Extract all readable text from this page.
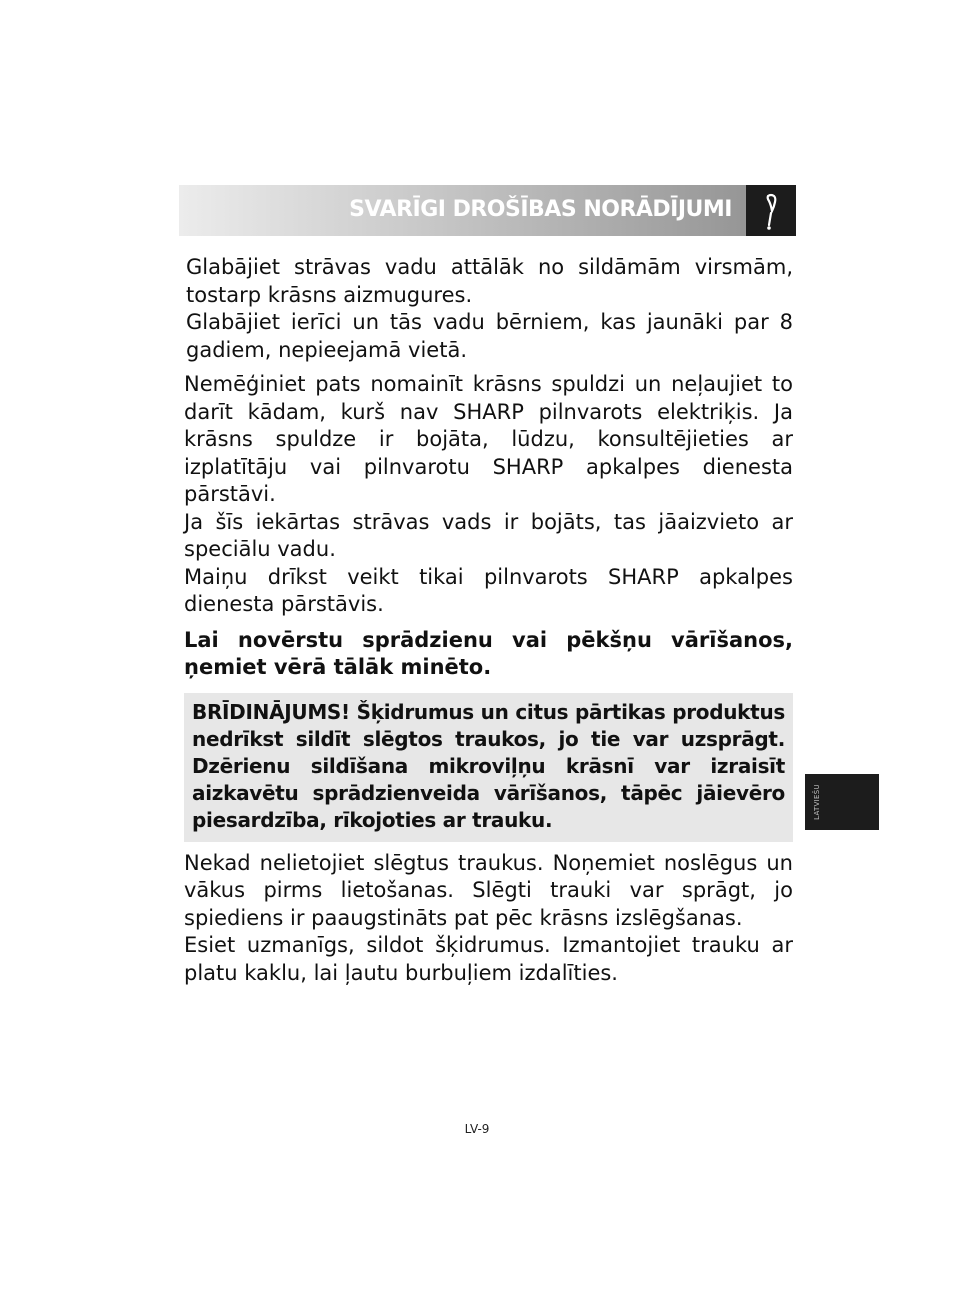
SVARĪGI DROŠĪBAS NORĀDĪJUMI

Glabājiet strāvas vadu attālāk no sildāmām virsmām, tostarp krāsns aizmugures.

Glabājiet ierīci un tās vadu bērniem, kas jaunāki par 8 gadiem, nepieejamā vietā.

Nemēģiniet pats nomainīt krāsns spuldzi un neļaujiet to darīt kādam, kurš nav SHARP pilnvarots elektriķis. Ja krāsns spuldze ir bojāta, lūdzu, konsultējieties ar izplatītāju vai pilnvarotu SHARP apkalpes dienesta pārstāvi.

Ja šīs iekārtas strāvas vads ir bojāts, tas jāaizvieto ar speciālu vadu.

Maiņu drīkst veikt tikai pilnvarots SHARP apkalpes dienesta pārstāvis.

Lai novērstu sprādzienu vai pēkšņu vārīšanos, ņemiet vērā tālāk minēto.

BRĪDINĀJUMS! Šķidrumus un citus pārtikas produktus nedrīkst sildīt slēgtos traukos, jo tie var uzsprāgt. Dzērienu sildīšana mikroviļņu krāsnī var izraisīt aizkavētu sprādzienveida vārīšanos, tāpēc jāievēro piesardzība, rīkojoties ar trauku.

Nekad nelietojiet slēgtus traukus. Noņemiet noslēgus un vākus pirms lietošanas. Slēgti trauki var sprāgt, jo spiediens ir paaugstināts pat pēc krāsns izslēgšanas.

Esiet uzmanīgs, sildot šķidrumus. Izmantojiet trauku ar platu kaklu, lai ļautu burbuļiem izdalīties.

LATVIEŠU
LV-9
